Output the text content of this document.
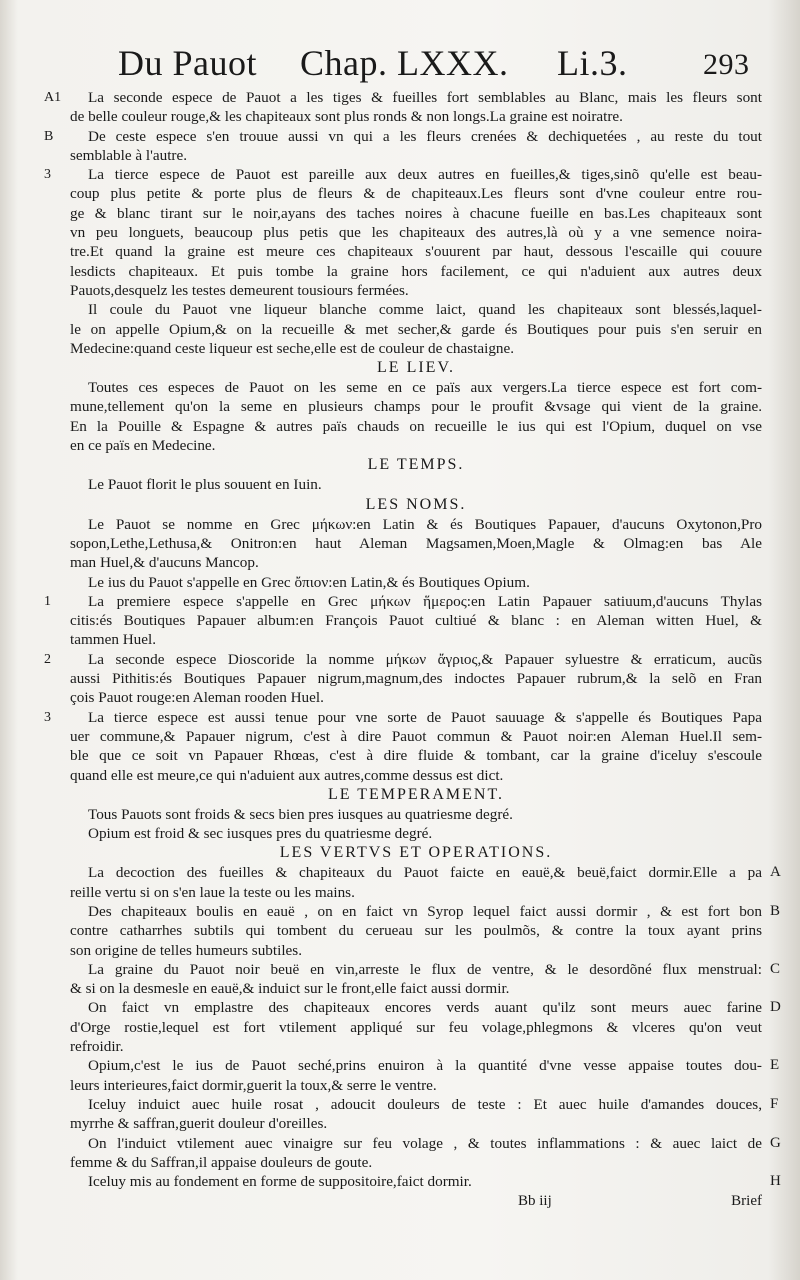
Du Pauot Chap. LXXX. Li.3.	293
A1	La seconde espece de Pauot a les tiges & fueilles fort semblables au Blanc, mais les fleurs sont
de belle couleur rouge,& les chapiteaux sont plus ronds & non longs.La graine est noiratre.
B	De ceste espece s'en trouue aussi vn qui a les fleurs crenées & dechiquetées , au reste du tout
semblable à l'autre.
3	La tierce espece de Pauot est pareille aux deux autres en fueilles,& tiges,sinõ qu'elle est beau-
coup plus petite & porte plus de fleurs & de chapiteaux.Les fleurs sont d'vne couleur entre rou-
ge & blanc tirant sur le noir,ayans des taches noires à chacune fueille en bas.Les chapiteaux sont
vn peu longuets, beaucoup plus petis que les chapiteaux des autres,là où y a vne semence noira-
tre.Et quand la graine est meure ces chapiteaux s'ouurent par haut, dessous l'escaille qui couure
lesdicts chapiteaux. Et puis tombe la graine hors facilement, ce qui n'aduient aux autres deux
Pauots,desquelz les testes demeurent tousiours fermées.
Il coule du Pauot vne liqueur blanche comme laict, quand les chapiteaux sont blessés,laquel-
le on appelle Opium,& on la recueille & met secher,& garde és Boutiques pour puis s'en seruir en
Medecine:quand ceste liqueur est seche,elle est de couleur de chastaigne.
LE LIEV.
Toutes ces especes de Pauot on les seme en ce païs aux vergers.La tierce espece est fort com-
mune,tellement qu'on la seme en plusieurs champs pour le proufit &vsage qui vient de la graine.
En la Pouille & Espagne & autres païs chauds on recueille le ius qui est l'Opium, duquel on vse
en ce païs en Medecine.
LE TEMPS.
Le Pauot florit le plus souuent en Iuin.
LES NOMS.
Le Pauot se nomme en Grec μήκων:en Latin & és Boutiques Papauer, d'aucuns Oxytonon,Pro
sopon,Lethe,Lethusa,& Onitron:en haut Aleman Magsamen,Moen,Magle & Olmag:en bas Ale
man Huel,& d'aucuns Mancop.
Le ius du Pauot s'appelle en Grec ὄπιον:en Latin,& és Boutiques Opium.
1	La premiere espece s'appelle en Grec μήκων ἥμερος:en Latin Papauer satiuum,d'aucuns Thylas
citis:és Boutiques Papauer album:en François Pauot cultiué & blanc : en Aleman witten Huel, &
tammen Huel.
2	La seconde espece Dioscoride la nomme μήκων ἄγριος,& Papauer syluestre & erraticum, aucũs
aussi Pithitis:és Boutiques Papauer nigrum,magnum,des indoctes Papauer rubrum,& la selõ en Fran
çois Pauot rouge:en Aleman rooden Huel.
3	La tierce espece est aussi tenue pour vne sorte de Pauot sauuage & s'appelle és Boutiques Papa
uer commune,& Papauer nigrum, c'est à dire Pauot commun & Pauot noir:en Aleman Huel.Il sem-
ble que ce soit vn Papauer Rhœas, c'est à dire fluide & tombant, car la graine d'iceluy s'escoule
quand elle est meure,ce qui n'aduient aux autres,comme dessus est dict.
LE TEMPERAMENT.
Tous Pauots sont froids & secs bien pres iusques au quatriesme degré.
Opium est froid & sec iusques pres du quatriesme degré.
LES VERTVS ET OPERATIONS.
A
La decoction des fueilles & chapiteaux du Pauot faicte en eauë,& beuë,faict dormir.Elle a pa
reille vertu si on s'en laue la teste ou les mains.
B
Des chapiteaux boulis en eauë , on en faict vn Syrop lequel faict aussi dormir , & est fort bon
contre catharrhes subtils qui tombent du cerueau sur les poulmõs, & contre la toux ayant prins
son origine de telles humeurs subtiles.
C
La graine du Pauot noir beuë en vin,arreste le flux de ventre, & le desordõné flux menstrual:
& si on la desmesle en eauë,& induict sur le front,elle faict aussi dormir.
D
On faict vn emplastre des chapiteaux encores verds auant qu'ilz sont meurs auec farine
d'Orge rostie,lequel est fort vtilement appliqué sur feu volage,phlegmons & vlceres qu'on veut
refroidir.
E
Opium,c'est le ius de Pauot seché,prins enuiron à la quantité d'vne vesse appaise toutes dou-
leurs interieures,faict dormir,guerit la toux,& serre le ventre.
F
Iceluy induict auec huile rosat , adoucit douleurs de teste : Et auec huile d'amandes douces,
myrrhe & saffran,guerit douleur d'oreilles.
G
On l'induict vtilement auec vinaigre sur feu volage , & toutes inflammations : & auec laict de
femme & du Saffran,il appaise douleurs de goute.
H
Iceluy mis au fondement en forme de suppositoire,faict dormir.
Bb iij	Brief
